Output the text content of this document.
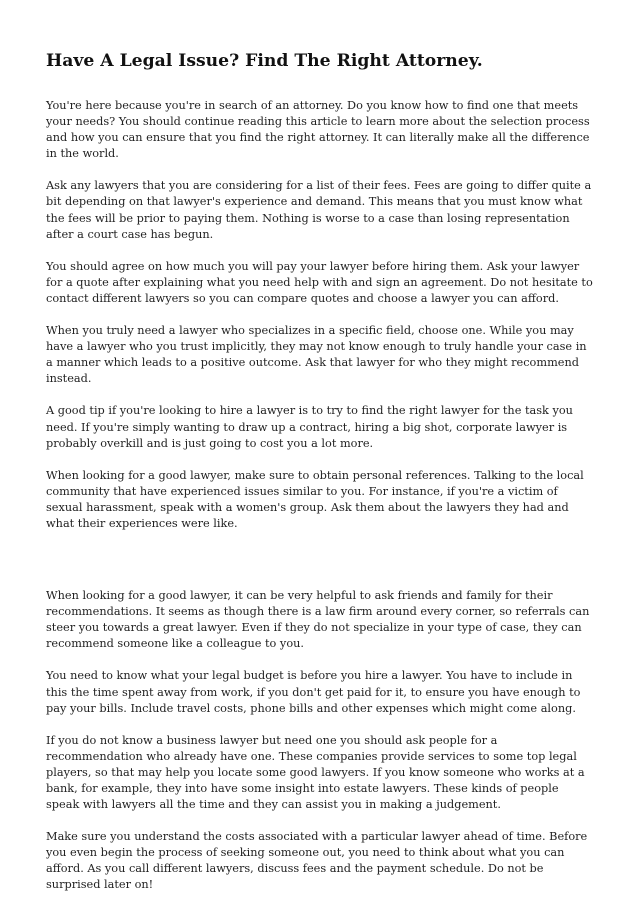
Have A Legal Issue? Find The Right Attorney.

You're here because you're in search of an attorney. Do you know how to find one that meets your needs? You should continue reading this article to learn more about the selection process and how you can ensure that you find the right attorney. It can literally make all the difference in the world.

Ask any lawyers that you are considering for a list of their fees. Fees are going to differ quite a bit depending on that lawyer's experience and demand. This means that you must know what the fees will be prior to paying them. Nothing is worse to a case than losing representation after a court case has begun.

You should agree on how much you will pay your lawyer before hiring them. Ask your lawyer for a quote after explaining what you need help with and sign an agreement. Do not hesitate to contact different lawyers so you can compare quotes and choose a lawyer you can afford.

When you truly need a lawyer who specializes in a specific field, choose one. While you may have a lawyer who you trust implicitly, they may not know enough to truly handle your case in a manner which leads to a positive outcome. Ask that lawyer for who they might recommend instead.

A good tip if you're looking to hire a lawyer is to try to find the right lawyer for the task you need. If you're simply wanting to draw up a contract, hiring a big shot, corporate lawyer is probably overkill and is just going to cost you a lot more.

When looking for a good lawyer, make sure to obtain personal references. Talking to the local community that have experienced issues similar to you. For instance, if you're a victim of sexual harassment, speak with a women's group. Ask them about the lawyers they had and what their experiences were like.

When looking for a good lawyer, it can be very helpful to ask friends and family for their recommendations. It seems as though there is a law firm around every corner, so referrals can steer you towards a great lawyer. Even if they do not specialize in your type of case, they can recommend someone like a colleague to you.

You need to know what your legal budget is before you hire a lawyer. You have to include in this the time spent away from work, if you don't get paid for it, to ensure you have enough to pay your bills. Include travel costs, phone bills and other expenses which might come along.

If you do not know a business lawyer but need one you should ask people for a recommendation who already have one. These companies provide services to some top legal players, so that may help you locate some good lawyers. If you know someone who works at a bank, for example, they into have some insight into estate lawyers. These kinds of people speak with lawyers all the time and they can assist you in making a judgement.

Make sure you understand the costs associated with a particular lawyer ahead of time. Before you even begin the process of seeking someone out, you need to think about what you can afford. As you call different lawyers, discuss fees and the payment schedule. Do not be surprised later on!
